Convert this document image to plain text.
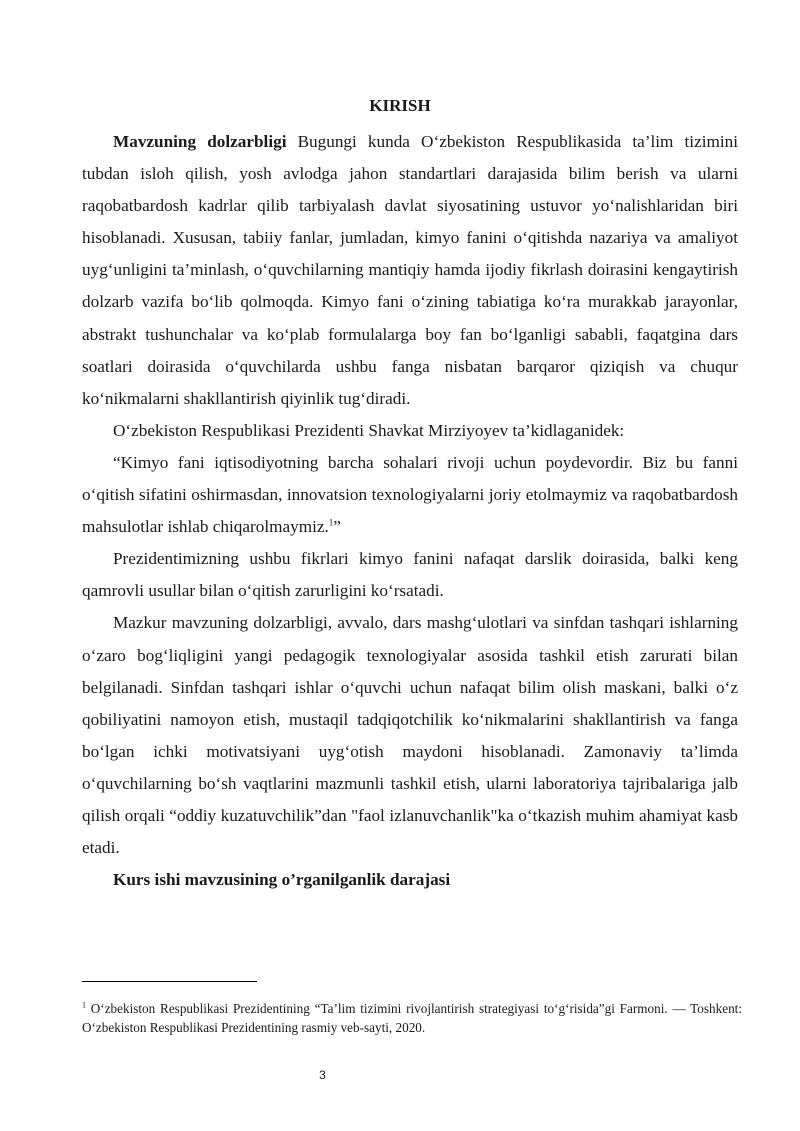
KIRISH

Mavzuning dolzarbligi Bugungi kunda O‘zbekiston Respublikasida ta’lim tizimini tubdan isloh qilish, yosh avlodga jahon standartlari darajasida bilim berish va ularni raqobatbardosh kadrlar qilib tarbiyalash davlat siyosatining ustuvor yo‘nalishlaridan biri hisoblanadi. Xususan, tabiiy fanlar, jumladan, kimyo fanini o‘qitishda nazariya va amaliyot uyg‘unligini ta’minlash, o‘quvchilarning mantiqiy hamda ijodiy fikrlash doirasini kengaytirish dolzarb vazifa bo‘lib qolmoqda. Kimyo fani o‘zining tabiatiga ko‘ra murakkab jarayonlar, abstrakt tushunchalar va ko‘plab formulalarga boy fan bo‘lganligi sababli, faqatgina dars soatlari doirasida o‘quvchilarda ushbu fanga nisbatan barqaror qiziqish va chuqur ko‘nikmalarni shakllantirish qiyinlik tug‘diradi.

O‘zbekiston Respublikasi Prezidenti Shavkat Mirziyoyev ta’kidlaganidek:

“Kimyo fani iqtisodiyotning barcha sohalari rivoji uchun poydevordir. Biz bu fanni o‘qitish sifatini oshirmasdan, innovatsion texnologiyalarni joriy etolmaymiz va raqobatbardosh mahsulotlar ishlab chiqarolmaymiz.$^1$”

Prezidentimizning ushbu fikrlari kimyo fanini nafaqat darslik doirasida, balki keng qamrovli usullar bilan o‘qitish zarurligini ko‘rsatadi.

Mazkur mavzuning dolzarbligi, avvalo, dars mashg‘ulotlari va sinfdan tashqari ishlarning o‘zaro bog‘liqligini yangi pedagogik texnologiyalar asosida tashkil etish zarurati bilan belgilanadi. Sinfdan tashqari ishlar o‘quvchi uchun nafaqat bilim olish maskani, balki o‘z qobiliyatini namoyon etish, mustaqil tadqiqotchilik ko‘nikmalarini shakllantirish va fanga bo‘lgan ichki motivatsiyani uyg‘otish maydoni hisoblanadi. Zamonaviy ta’limda o‘quvchilarning bo‘sh vaqtlarini mazmunli tashkil etish, ularni laboratoriya tajribalariga jalb qilish orqali “oddiy kuzatuvchilik”dan "faol izlanuvchanlik"ka o‘tkazish muhim ahamiyat kasb etadi.

Kurs ishi mavzusining o’rganilganlik darajasi

$^1$ O‘zbekiston Respublikasi Prezidentining “Ta’lim tizimini rivojlantirish strategiyasi to‘g‘risida”gi Farmoni. — Toshkent: O‘zbekiston Respublikasi Prezidentining rasmiy veb-sayti, 2020.
3
